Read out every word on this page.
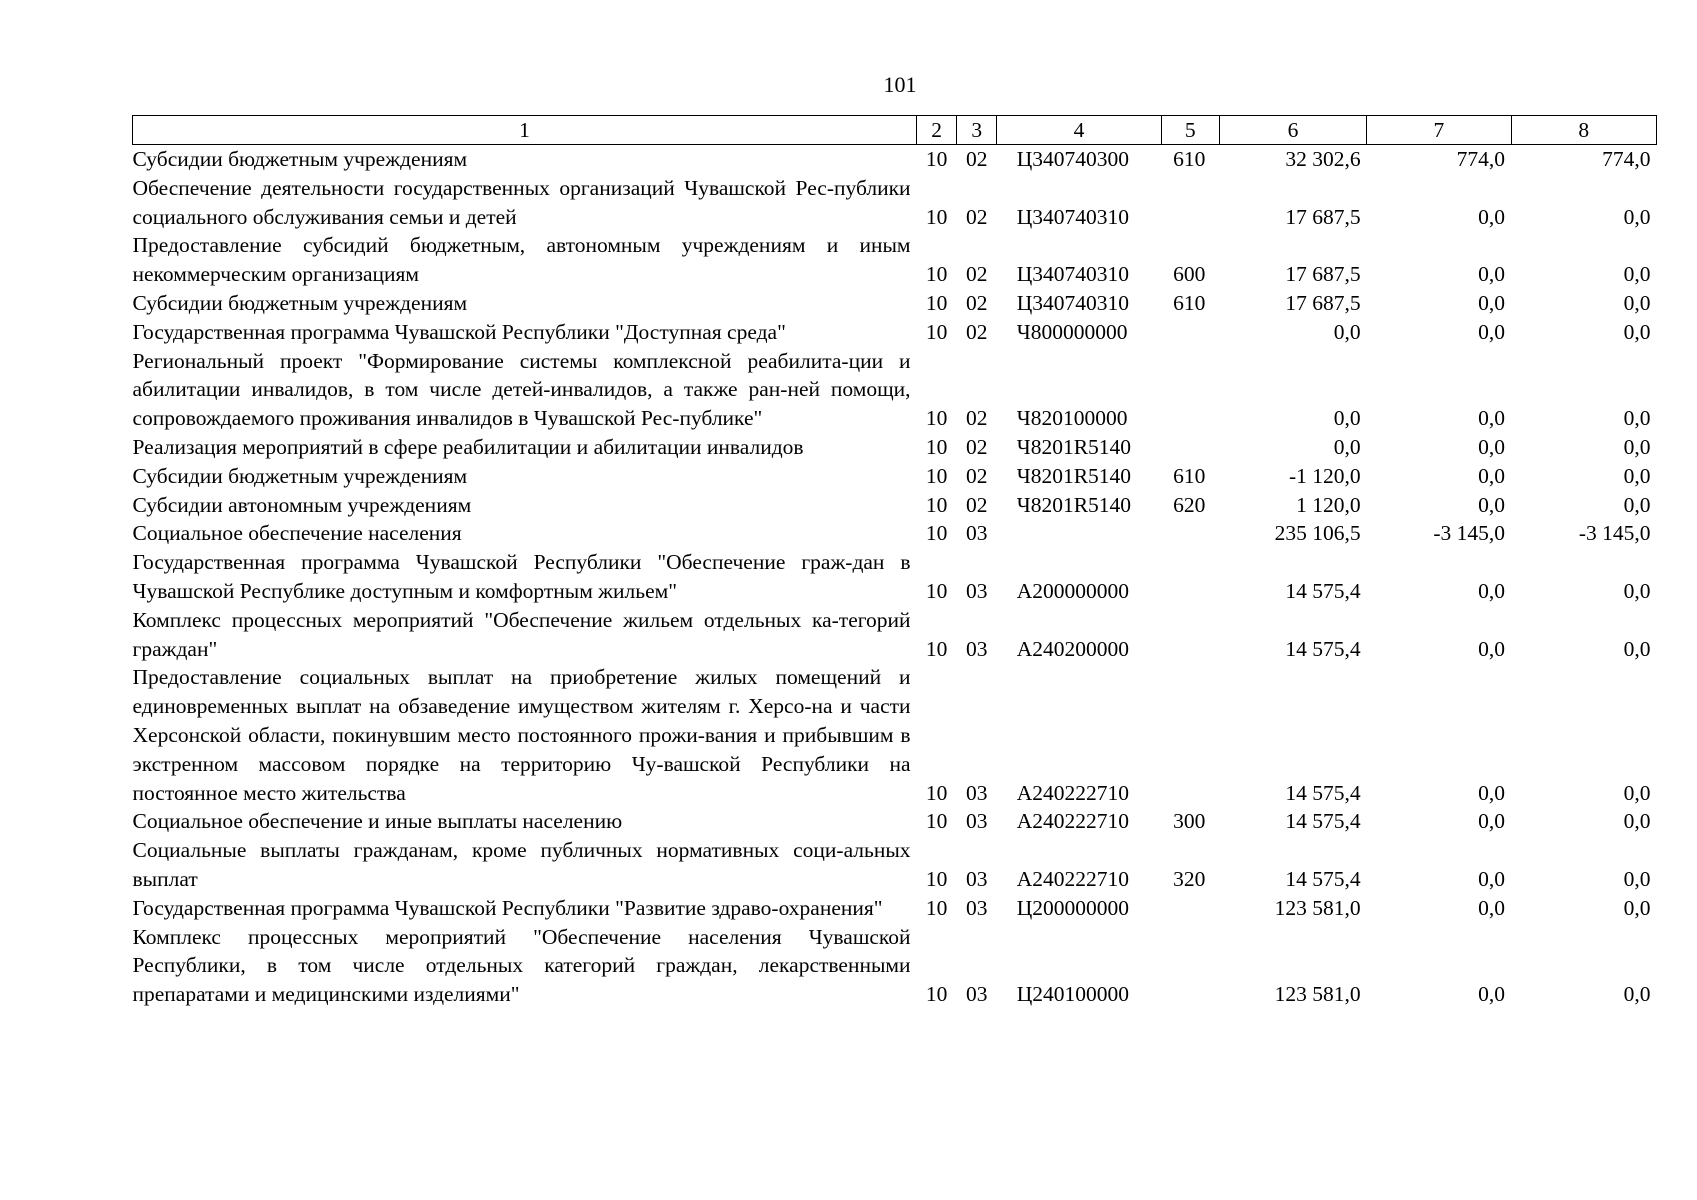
101
1	2	3	4	5	6	7	8
Субсидии бюджетным учреждениям	10	02	Ц340740300	610	32 302,6	774,0	774,0
Обеспечение деятельности государственных организаций Чувашской Рес-публики социального обслуживания семьи и детей	10	02	Ц340740310		17 687,5	0,0	0,0
Предоставление субсидий бюджетным, автономным учреждениям и иным некоммерческим организациям	10	02	Ц340740310	600	17 687,5	0,0	0,0
Субсидии бюджетным учреждениям	10	02	Ц340740310	610	17 687,5	0,0	0,0
Государственная программа Чувашской Республики "Доступная среда"	10	02	Ч800000000		0,0	0,0	0,0
Региональный проект "Формирование системы комплексной реабилита-ции и абилитации инвалидов, в том числе детей-инвалидов, а также ран-ней помощи, сопровождаемого проживания инвалидов в Чувашской Рес-публике"	10	02	Ч820100000		0,0	0,0	0,0
Реализация мероприятий в сфере реабилитации и абилитации инвалидов	10	02	Ч8201R5140		0,0	0,0	0,0
Субсидии бюджетным учреждениям	10	02	Ч8201R5140	610	-1 120,0	0,0	0,0
Субсидии автономным учреждениям	10	02	Ч8201R5140	620	1 120,0	0,0	0,0
Социальное обеспечение населения	10	03			235 106,5	-3 145,0	-3 145,0
Государственная программа Чувашской Республики "Обеспечение граж-дан в Чувашской Республике доступным и комфортным жильем"	10	03	А200000000		14 575,4	0,0	0,0
Комплекс процессных мероприятий "Обеспечение жильем отдельных ка-тегорий граждан"	10	03	А240200000		14 575,4	0,0	0,0
Предоставление социальных выплат на приобретение жилых помещений и единовременных выплат на обзаведение имуществом жителям г. Херсо-на и части Херсонской области, покинувшим место постоянного прожи-вания и прибывшим в экстренном массовом порядке на территорию Чу-вашской Республики на постоянное место жительства	10	03	А240222710		14 575,4	0,0	0,0
Социальное обеспечение и иные выплаты населению	10	03	А240222710	300	14 575,4	0,0	0,0
Социальные выплаты гражданам, кроме публичных нормативных соци-альных выплат	10	03	А240222710	320	14 575,4	0,0	0,0
Государственная программа Чувашской Республики "Развитие здраво-охранения"	10	03	Ц200000000		123 581,0	0,0	0,0
Комплекс процессных мероприятий "Обеспечение населения Чувашской Республики, в том числе отдельных категорий граждан, лекарственными препаратами и медицинскими изделиями"	10	03	Ц240100000		123 581,0	0,0	0,0
